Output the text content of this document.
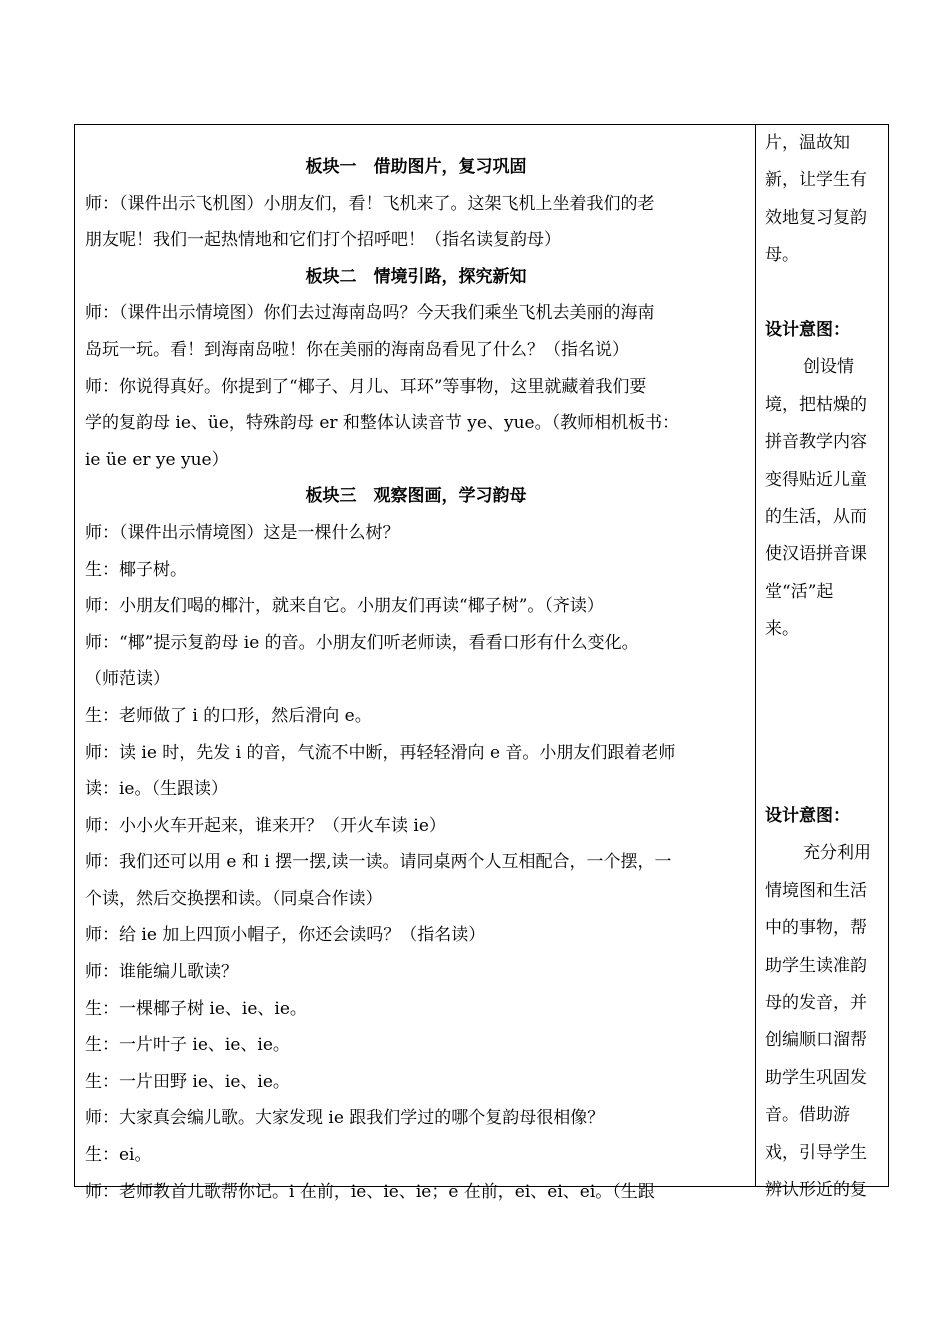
板块一　借助图片，复习巩固
师：（课件出示飞机图）小朋友们，看！飞机来了。这架飞机上坐着我们的老
朋友呢！我们一起热情地和它们打个招呼吧！（指名读复韵母）
板块二　情境引路，探究新知
师：（课件出示情境图）你们去过海南岛吗？今天我们乘坐飞机去美丽的海南
岛玩一玩。看！到海南岛啦！你在美丽的海南岛看见了什么？（指名说）
师：你说得真好。你提到了“椰子、月儿、耳环”等事物，这里就藏着我们要
学的复韵母 ie、üe，特殊韵母 er 和整体认读音节 ye、yue。（教师相机板书：
ie üe er ye yue）
板块三　观察图画，学习韵母
师：（课件出示情境图）这是一棵什么树？
生：椰子树。
师：小朋友们喝的椰汁，就来自它。小朋友们再读“椰子树”。（齐读）
师：“椰”提示复韵母 ie 的音。小朋友们听老师读，看看口形有什么变化。
（师范读）
生：老师做了 i 的口形，然后滑向 e。
师：读 ie 时，先发 i 的音，气流不中断，再轻轻滑向 e 音。小朋友们跟着老师
读：ie。（生跟读）
师：小小火车开起来，谁来开？（开火车读 ie）
师：我们还可以用 e 和 i 摆一摆,读一读。请同桌两个人互相配合，一个摆，一
个读，然后交换摆和读。（同桌合作读）
师：给 ie 加上四顶小帽子，你还会读吗？（指名读）
师：谁能编儿歌读？
生：一棵椰子树 ie、ie、ie。
生：一片叶子 ie、ie、ie。
生：一片田野 ie、ie、ie。
师：大家真会编儿歌。大家发现 ie 跟我们学过的哪个复韵母很相像？
生：ei。
师：老师教首儿歌帮你记。i 在前，ie、ie、ie；e 在前，ei、ei、ei。（生跟
片，温故知
新，让学生有
效地复习复韵
母。
设计意图：
创设情
境，把枯燥的
拼音教学内容
变得贴近儿童
的生活，从而
使汉语拼音课
堂“活”起
来。
设计意图：
充分利用
情境图和生活
中的事物，帮
助学生读准韵
母的发音，并
创编顺口溜帮
助学生巩固发
音。借助游
戏，引导学生
辨认形近的复
